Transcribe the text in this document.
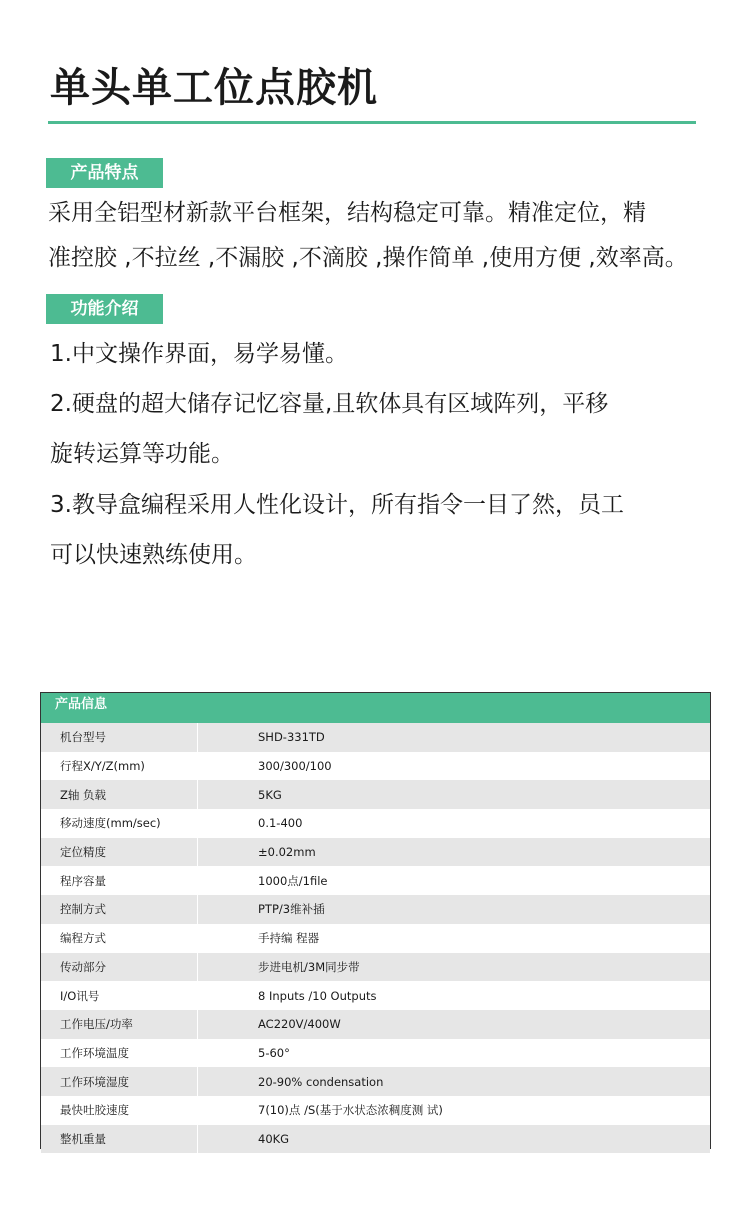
单头单工位点胶机
产品特点
采用全铝型材新款平台框架，结构稳定可靠。精准定位，精
准控胶 ,不拉丝 ,不漏胶 ,不滴胶 ,操作简单 ,使用方便 ,效率高。
功能介绍
1.中文操作界面，易学易懂。
2.硬盘的超大储存记忆容量,且软体具有区域阵列，平移
旋转运算等功能。
3.教导盒编程采用人性化设计，所有指令一目了然，员工
可以快速熟练使用。
产品信息
机台型号	SHD-331TD
行程X/Y/Z(mm)	300/300/100
Z轴 负载	5KG
移动速度(mm/sec)	0.1-400
定位精度	±0.02mm
程序容量	1000点/1file
控制方式	PTP/3维补插
编程方式	手持编 程器
传动部分	步进电机/3M同步带
I/O讯号	8 Inputs /10 Outputs
工作电压/功率	AC220V/400W
工作环境温度	5-60°
工作环境湿度	20-90% condensation
最快吐胶速度	7(10)点 /S(基于水状态浓稠度测 试)
整机重量	40KG
